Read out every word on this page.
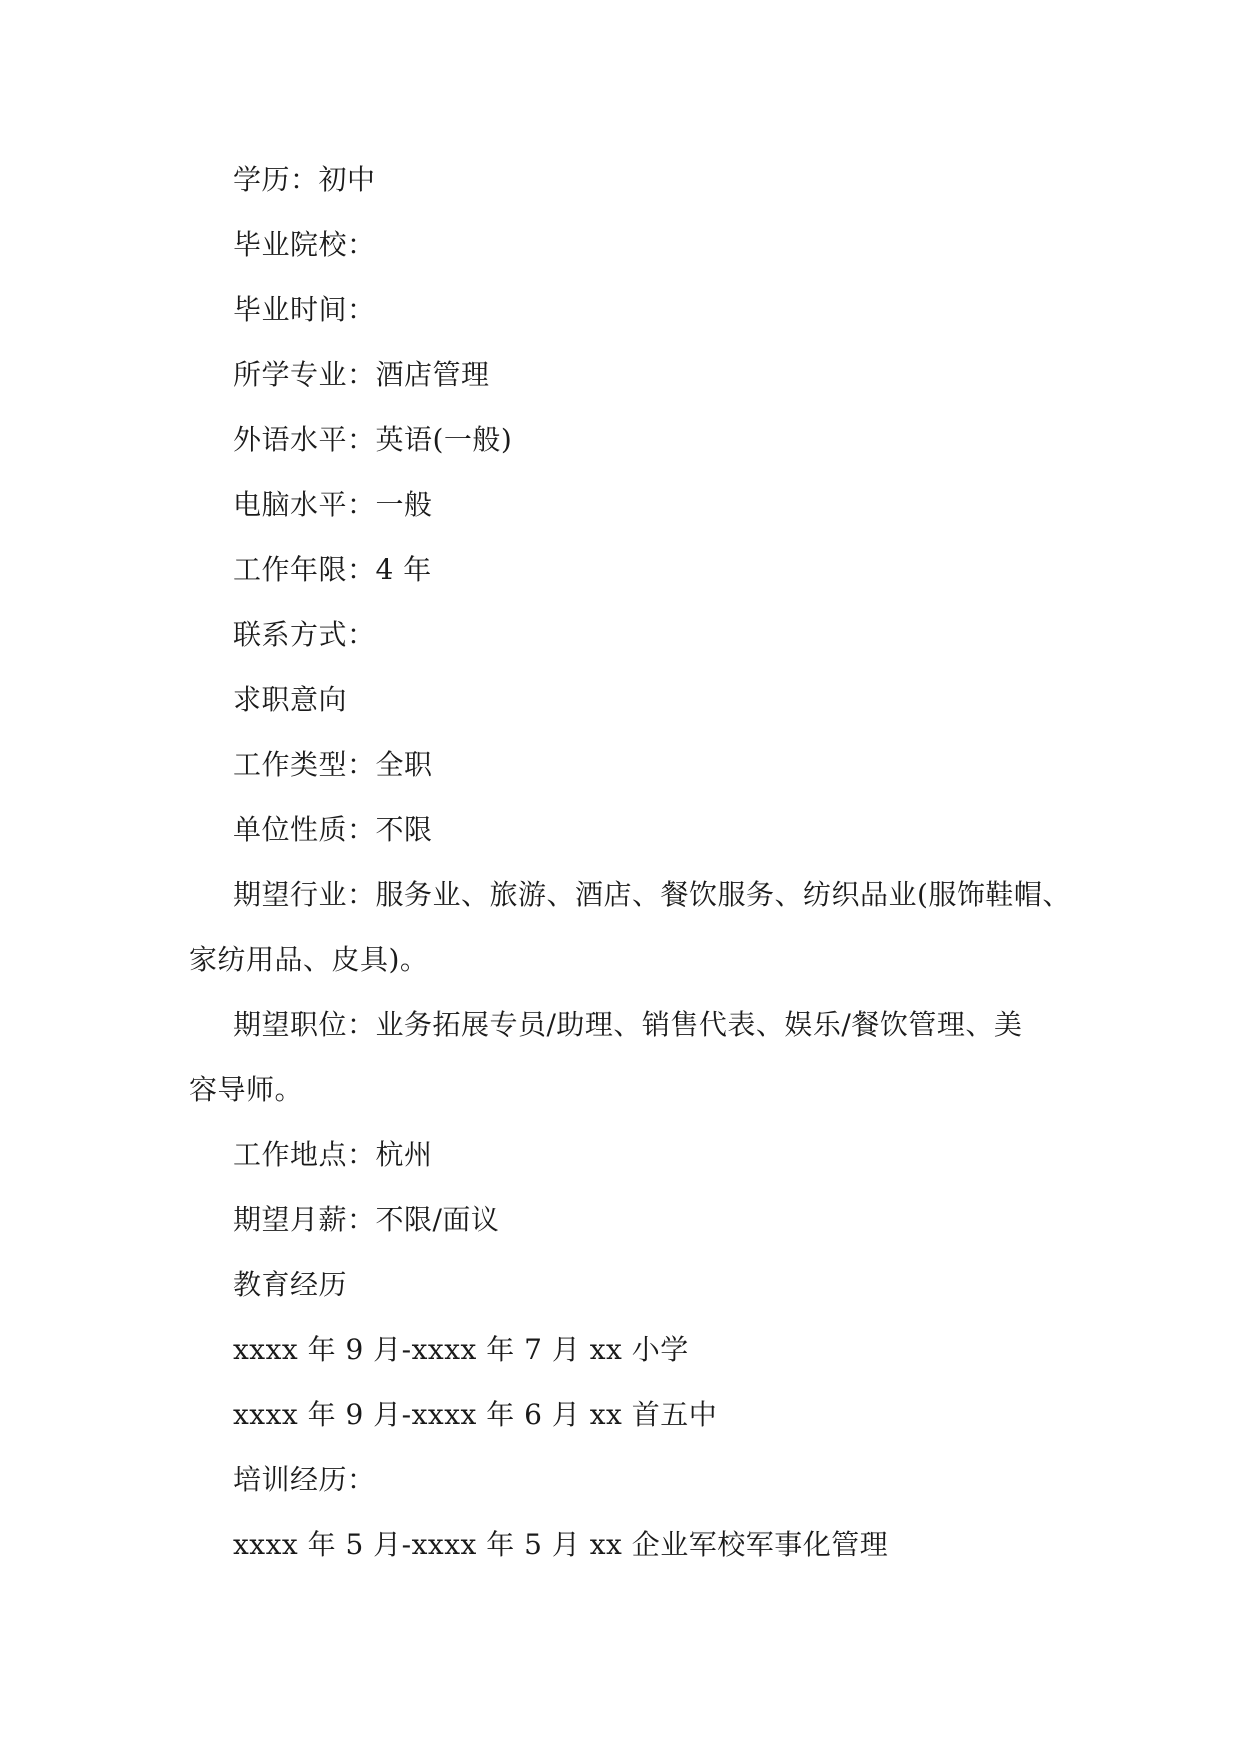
学历：初中
毕业院校：
毕业时间：
所学专业：酒店管理
外语水平：英语(一般)
电脑水平：一般
工作年限：4 年
联系方式：
求职意向
工作类型：全职
单位性质：不限
期望行业：服务业、旅游、酒店、餐饮服务、纺织品业(服饰鞋帽、
家纺用品、皮具)。
期望职位：业务拓展专员/助理、销售代表、娱乐/餐饮管理、美
容导师。
工作地点：杭州
期望月薪：不限/面议
教育经历
xxxx 年 9 月-xxxx 年 7 月 xx 小学
xxxx 年 9 月-xxxx 年 6 月 xx 首五中
培训经历：
xxxx 年 5 月-xxxx 年 5 月 xx 企业军校军事化管理
